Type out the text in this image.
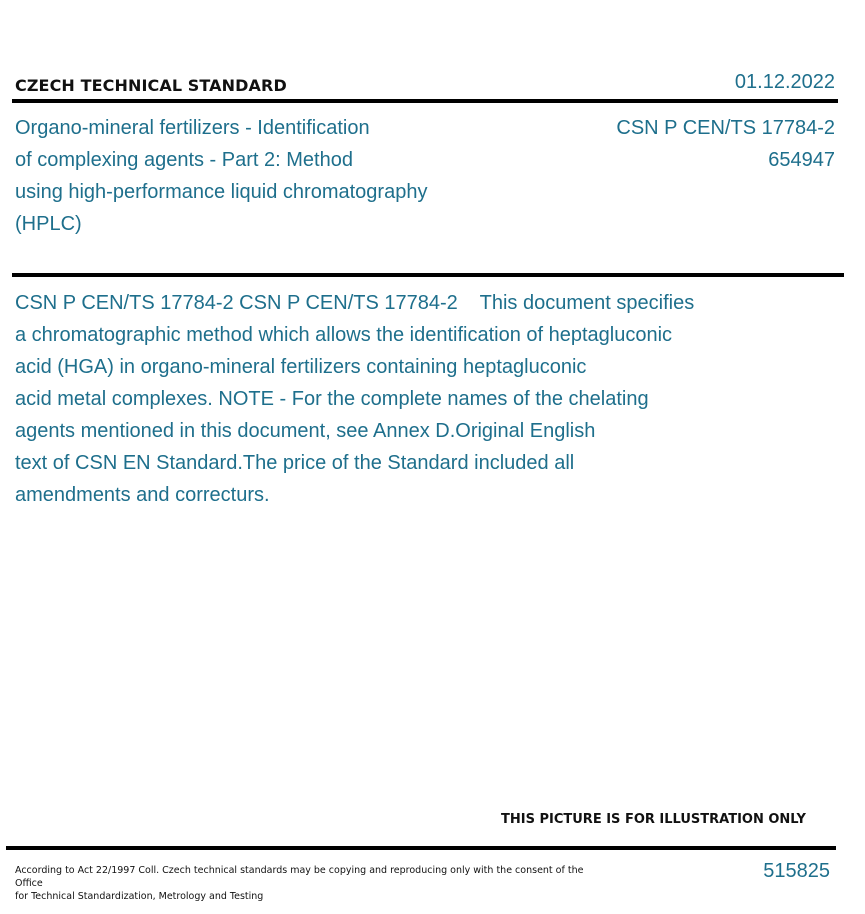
CZECH TECHNICAL STANDARD	01.12.2022
Organo-mineral fertilizers - Identification
of complexing agents - Part 2: Method
using high-performance liquid chromatography
(HPLC)
CSN P CEN/TS 17784-2
654947
CSN P CEN/TS 17784-2 CSN P CEN/TS 17784-2    This document specifies
a chromatographic method which allows the identification of heptagluconic
acid (HGA) in organo-mineral fertilizers containing heptagluconic
acid metal complexes. NOTE - For the complete names of the chelating
agents mentioned in this document, see Annex D.Original English
text of CSN EN Standard.The price of the Standard included all
amendments and correcturs.
THIS PICTURE IS FOR ILLUSTRATION ONLY
According to Act 22/1997 Coll. Czech technical standards may be copying and reproducing only with the consent of the Office
for Technical Standardization, Metrology and Testing
515825
